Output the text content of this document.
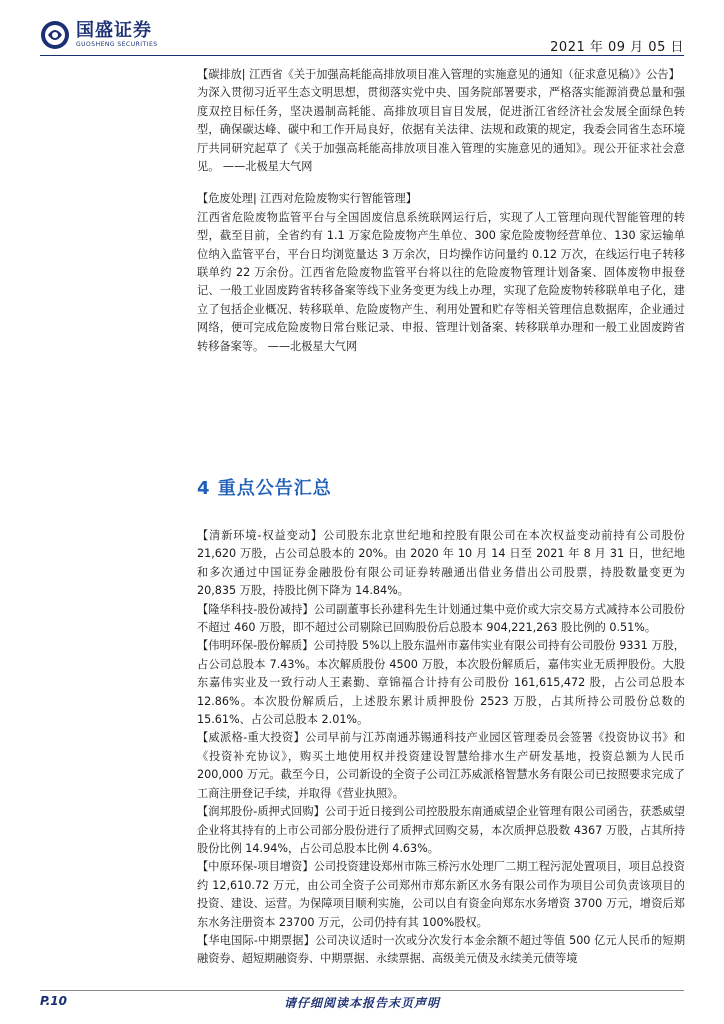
国盛证券
GUOSHENG SECURITIES	2021 年 09 月 05 日

【碳排放| 江西省《关于加强高耗能高排放项目准入管理的实施意见的通知（征求意见稿）》公告】

为深入贯彻习近平生态文明思想，贯彻落实党中央、国务院部署要求，严格落实能源消费总量和强度双控目标任务，坚决遏制高耗能、高排放项目盲目发展，促进浙江省经济社会发展全面绿色转型，确保碳达峰、碳中和工作开局良好，依据有关法律、法规和政策的规定，我委会同省生态环境厅共同研究起草了《关于加强高耗能高排放项目准入管理的实施意见的通知》。现公开征求社会意见。 ——北极星大气网

【危废处理| 江西对危险废物实行智能管理】

江西省危险废物监管平台与全国固废信息系统联网运行后，实现了人工管理向现代智能管理的转型，截至目前，全省约有 1.1 万家危险废物产生单位、300 家危险废物经营单位、130 家运输单位纳入监管平台，平台日均浏览量达 3 万余次，日均操作访问量约 0.12 万次，在线运行电子转移联单约 22 万余份。江西省危险废物监管平台将以往的危险废物管理计划备案、固体废物申报登记、一般工业固废跨省转移备案等线下业务变更为线上办理，实现了危险废物转移联单电子化，建立了包括企业概况、转移联单、危险废物产生、利用处置和贮存等相关管理信息数据库，企业通过网络，便可完成危险废物日常台账记录、申报、管理计划备案、转移联单办理和一般工业固废跨省转移备案等。 ——北极星大气网

4 重点公告汇总

【清新环境-权益变动】公司股东北京世纪地和控股有限公司在本次权益变动前持有公司股份 21,620 万股，占公司总股本的 20%。由 2020 年 10 月 14 日至 2021 年 8 月 31 日，世纪地和多次通过中国证券金融股份有限公司证券转融通出借业务借出公司股票，持股数量变更为 20,835 万股，持股比例下降为 14.84%。

【隆华科技-股份减持】公司副董事长孙建科先生计划通过集中竞价或大宗交易方式减持本公司股份不超过 460 万股，即不超过公司剔除已回购股份后总股本 904,221,263 股比例的 0.51%。

【伟明环保-股份解质】公司持股 5%以上股东温州市嘉伟实业有限公司持有公司股份 9331 万股，占公司总股本 7.43%。本次解质股份 4500 万股，本次股份解质后，嘉伟实业无质押股份。大股东嘉伟实业及一致行动人王素勤、章锦福合计持有公司股份 161,615,472 股，占公司总股本 12.86%。本次股份解质后，上述股东累计质押股份 2523 万股，占其所持公司股份总数的 15.61%、占公司总股本 2.01%。

【威派格-重大投资】公司早前与江苏南通苏锡通科技产业园区管理委员会签署《投资协议书》和《投资补充协议》，购买土地使用权并投资建设智慧给排水生产研发基地，投资总额为人民币 200,000 万元。截至今日，公司新设的全资子公司江苏威派格智慧水务有限公司已按照要求完成了工商注册登记手续，并取得《营业执照》。

【润邦股份-质押式回购】公司于近日接到公司控股股东南通威望企业管理有限公司函告，获悉威望企业将其持有的上市公司部分股份进行了质押式回购交易，本次质押总股数 4367 万股，占其所持股份比例 14.94%，占公司总股本比例 4.63%。

【中原环保-项目增资】公司投资建设郑州市陈三桥污水处理厂二期工程污泥处置项目，项目总投资约 12,610.72 万元，由公司全资子公司郑州市郑东新区水务有限公司作为项目公司负责该项目的投资、建设、运营。为保障项目顺利实施，公司以自有资金向郑东水务增资 3700 万元，增资后郑东水务注册资本 23700 万元，公司仍持有其 100%股权。

【华电国际-中期票据】公司决议适时一次或分次发行本金余额不超过等值 500 亿元人民币的短期融资券、超短期融资券、中期票据、永续票据、高级美元债及永续美元债等境

请仔细阅读本报告末页声明
P.10
